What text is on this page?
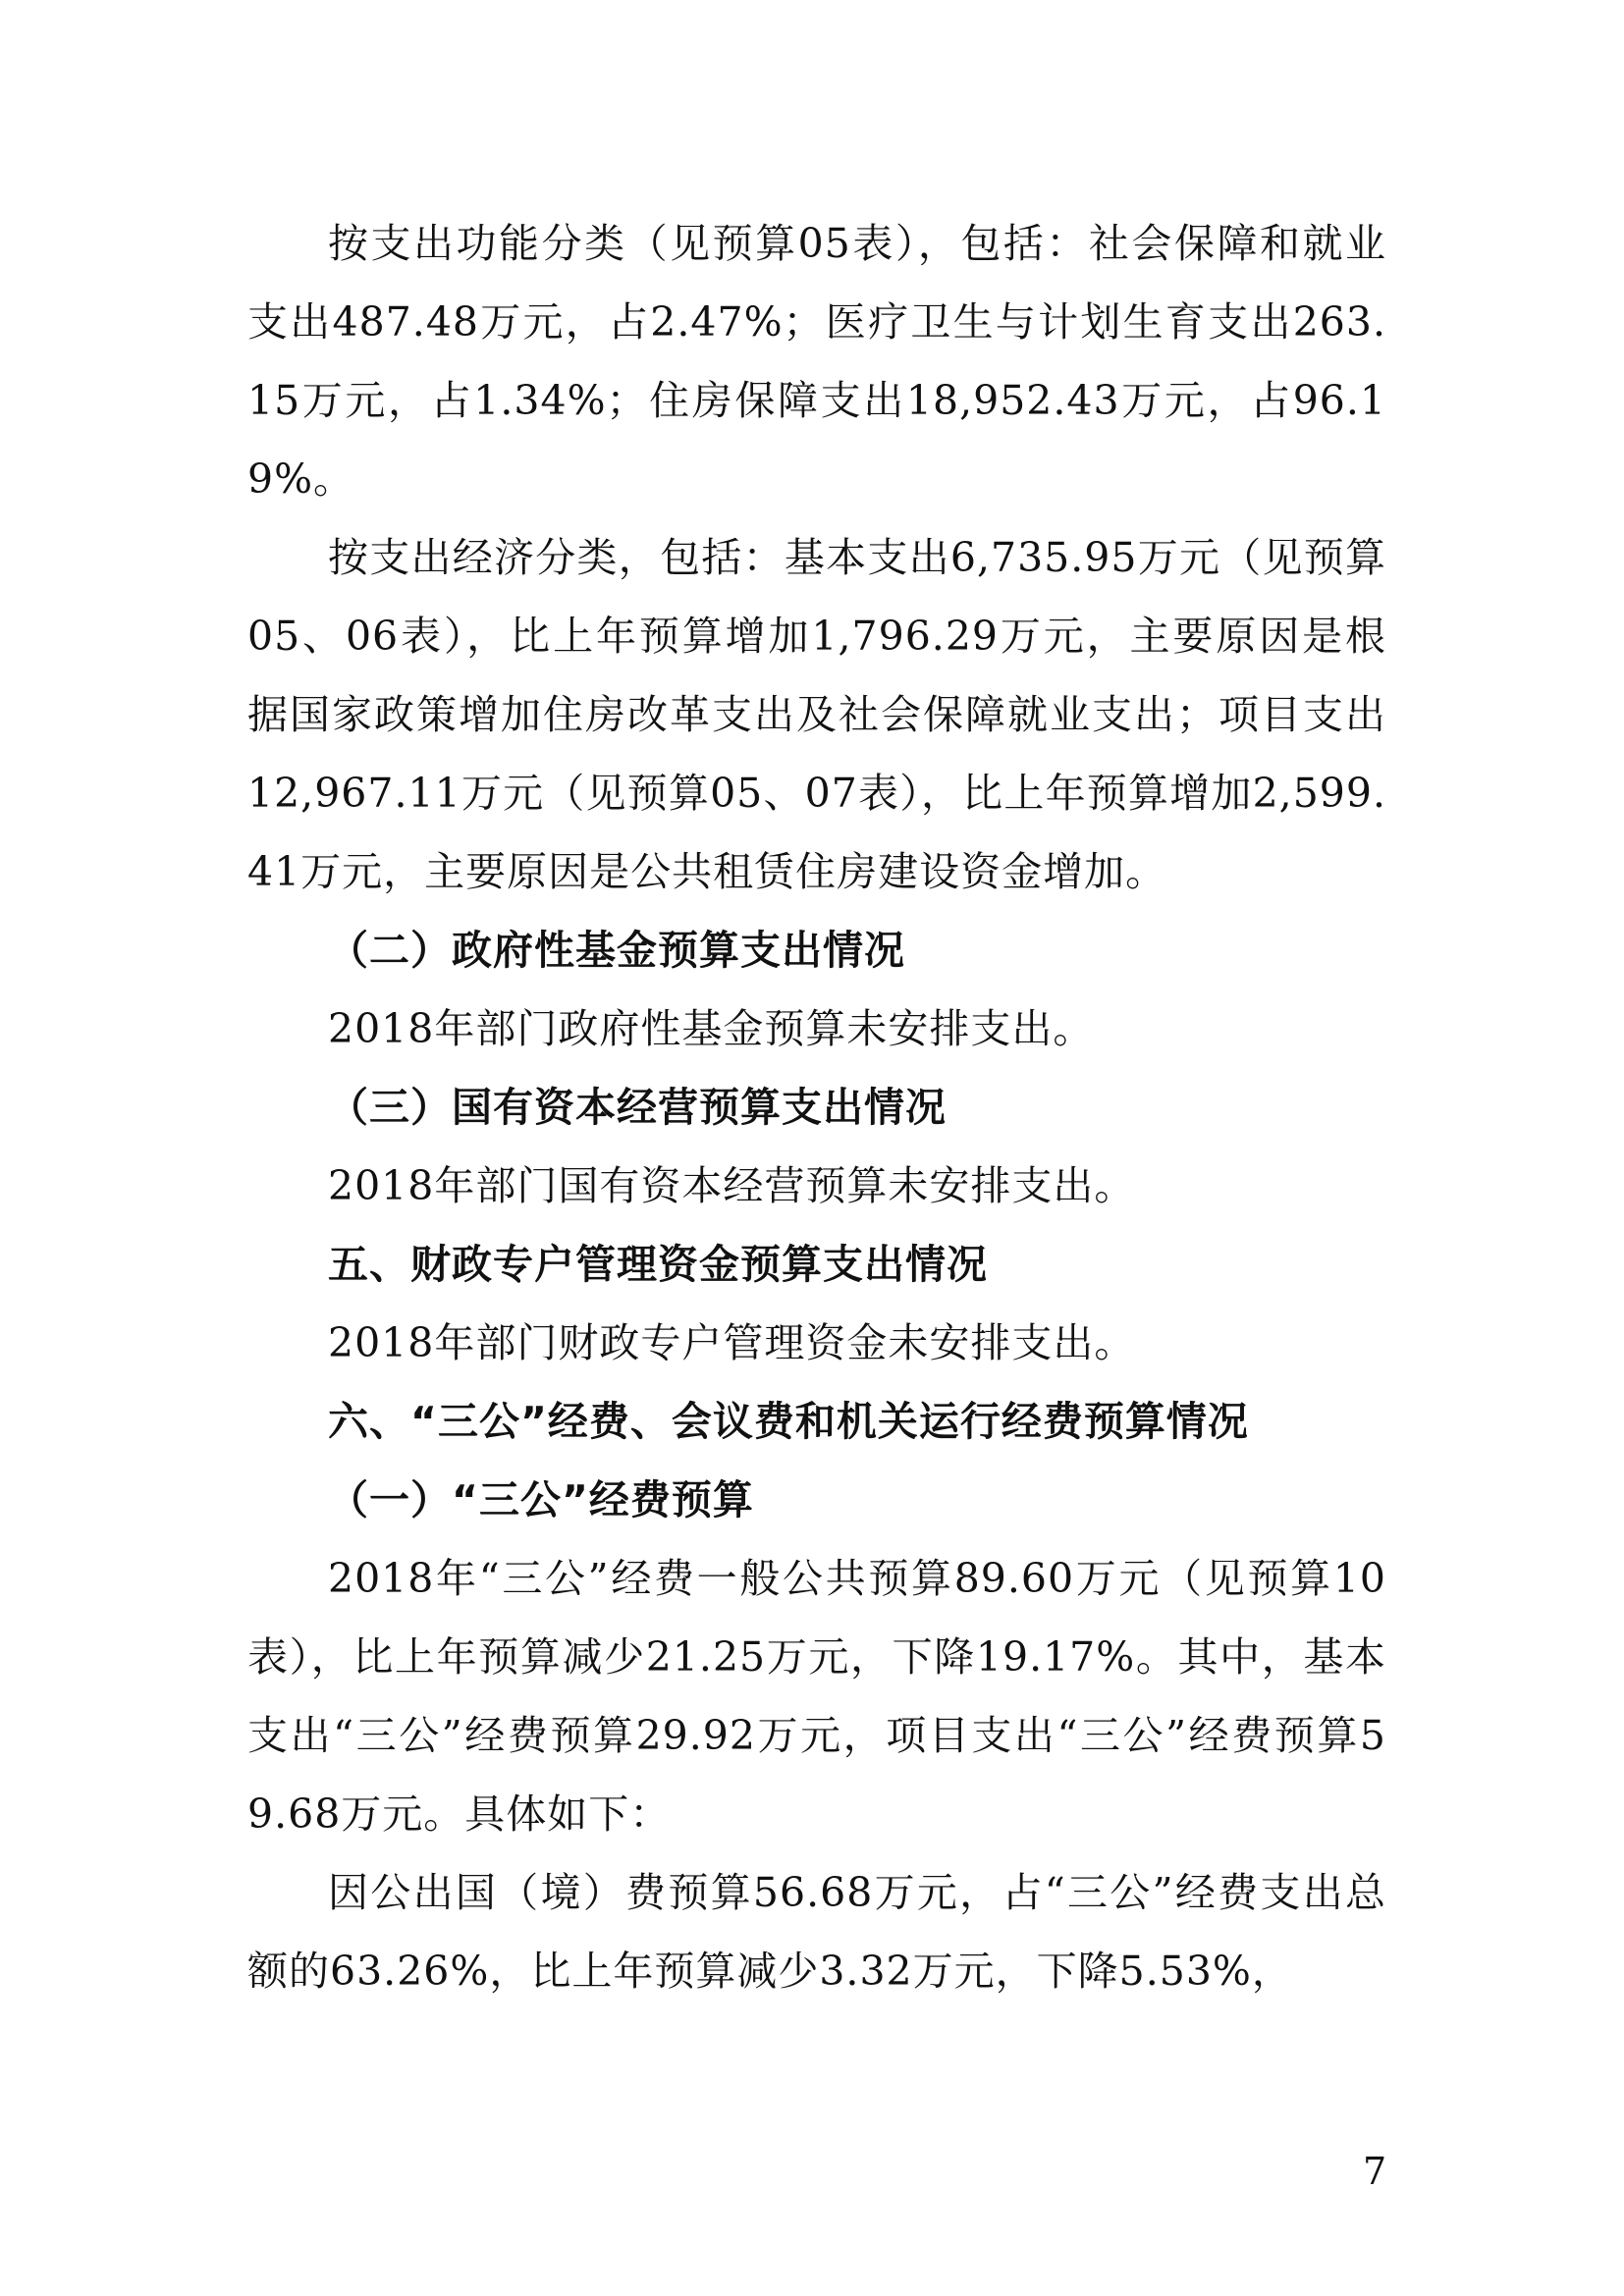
按支出功能分类（见预算05表），包括：社会保障和就业支出487.48万元，占2.47%；医疗卫生与计划生育支出263.15万元，占1.34%；住房保障支出18,952.43万元，占96.19%。

按支出经济分类，包括：基本支出6,735.95万元（见预算05、06表），比上年预算增加1,796.29万元，主要原因是根据国家政策增加住房改革支出及社会保障就业支出；项目支出12,967.11万元（见预算05、07表），比上年预算增加2,599.41万元，主要原因是公共租赁住房建设资金增加。

（二）政府性基金预算支出情况

2018年部门政府性基金预算未安排支出。

（三）国有资本经营预算支出情况

2018年部门国有资本经营预算未安排支出。

五、财政专户管理资金预算支出情况

2018年部门财政专户管理资金未安排支出。

六、“三公”经费、会议费和机关运行经费预算情况

（一）“三公”经费预算

2018年“三公”经费一般公共预算89.60万元（见预算10表），比上年预算减少21.25万元，下降19.17%。其中，基本支出“三公”经费预算29.92万元，项目支出“三公”经费预算59.68万元。具体如下：

因公出国（境）费预算56.68万元，占“三公”经费支出总额的63.26%，比上年预算减少3.32万元，下降5.53%，

7
